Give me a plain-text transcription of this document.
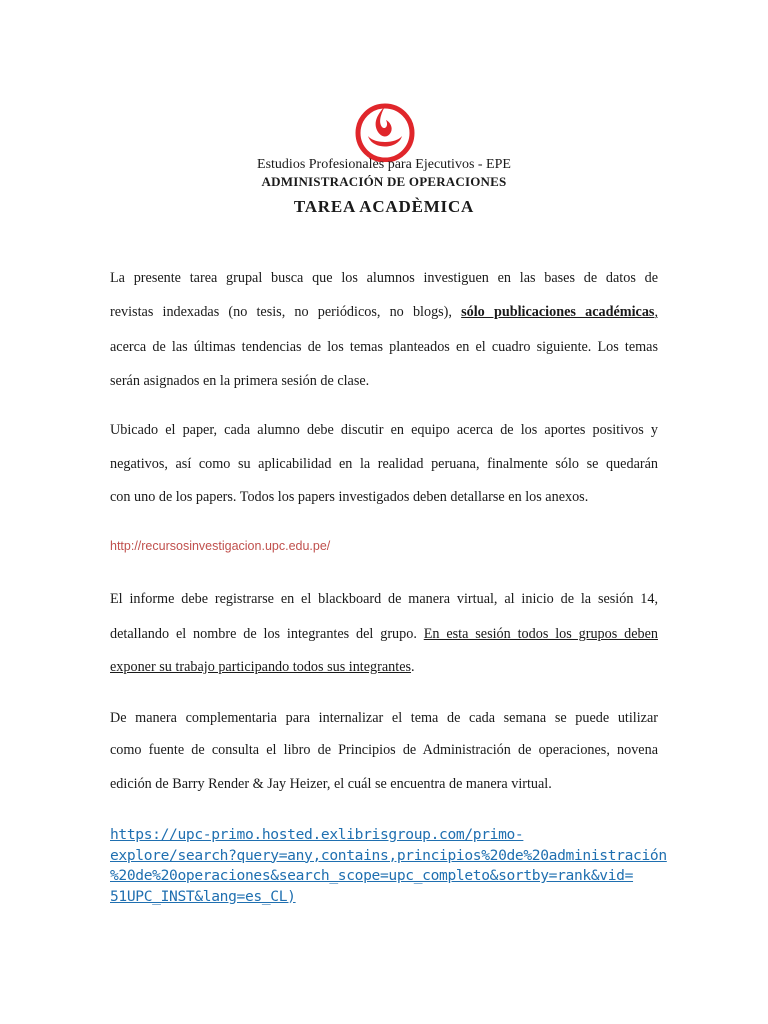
Estudios Profesionales para Ejecutivos - EPE
ADMINISTRACIÓN DE OPERACIONES
TAREA ACADÈMICA
La presente tarea grupal busca que los alumnos investiguen en las bases de datos de
revistas indexadas (no tesis, no periódicos, no blogs), sólo publicaciones académicas,
acerca de las últimas tendencias de los temas planteados en el cuadro siguiente. Los temas
serán asignados en la primera sesión de clase.
Ubicado el paper, cada alumno debe discutir en equipo acerca de los aportes positivos y
negativos, así como su aplicabilidad en la realidad peruana, finalmente sólo se quedarán
con uno de los papers. Todos los papers investigados deben detallarse en los anexos.
http://recursosinvestigacion.upc.edu.pe/
El informe debe registrarse en el blackboard de manera virtual, al inicio de la sesión 14,
detallando el nombre de los integrantes del grupo. En esta sesión todos los grupos deben
exponer su trabajo participando todos sus integrantes.
De manera complementaria para internalizar el tema de cada semana se puede utilizar
como fuente de consulta el libro de Principios de Administración de operaciones, novena
edición de Barry Render & Jay Heizer, el cuál se encuentra de manera virtual.
https://upc-primo.hosted.exlibrisgroup.com/primo-
explore/search?query=any,contains,principios%20de%20administración
%20de%20operaciones&search_scope=upc_completo&sortby=rank&vid=
51UPC_INST&lang=es_CL)
